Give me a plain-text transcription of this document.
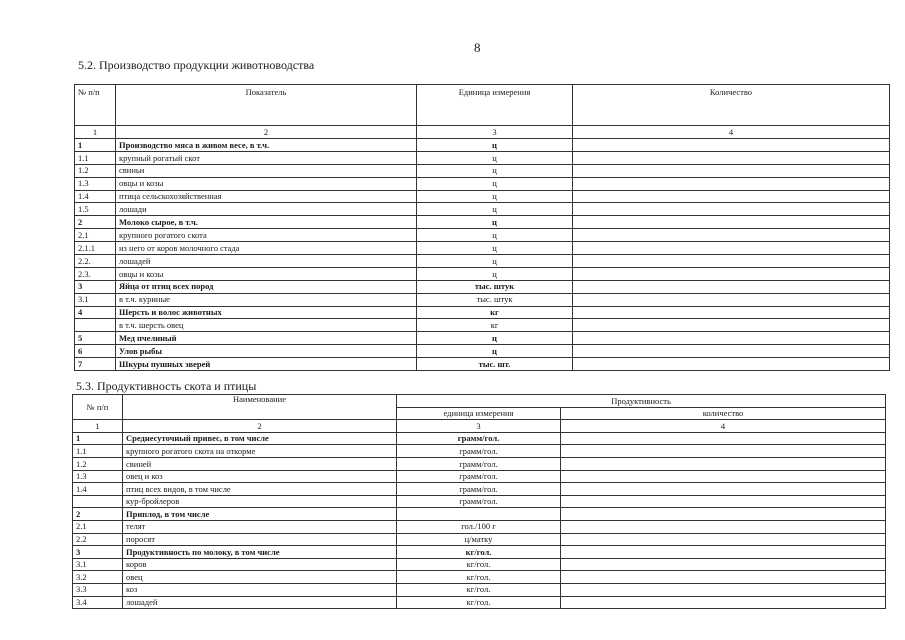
8
5.2. Производство продукции животноводства
№ п/п	Показатель	Единица измерения	Количество
1	2	3	4
1	Производство мяса в живом весе, в т.ч.	ц	
1.1	крупный рогатый скот	ц	
1.2	свиньи	ц	
1.3	овцы и козы	ц	
1.4	птица сельскохозяйственная	ц	
1.5	лошади	ц	
2	Молоко сырое, в т.ч.	ц	
2.1	крупного рогатого скота	ц	
2.1.1	из него от коров молочного стада	ц	
2.2.	лошадей	ц	
2.3.	овцы и козы	ц	
3	Яйца от птиц всех пород	тыс. штук	
3.1	в т.ч. куриные	тыс. штук	
4	Шерсть и волос животных	кг	
	в т.ч. шерсть овец	кг	
5	Мед пчелиный	ц	
6	Улов рыбы	ц	
7	Шкуры пушных зверей	тыс. шт.	
5.3. Продуктивность скота и птицы
№ п/п	Наименование	Продуктивность	
		единица измерения	количество
1	2	3	4
1	Среднесуточный привес, в том числе	грамм/гол.	
1.1	крупного рогатого скота на откорме	грамм/гол.	
1.2	свиней	грамм/гол.	
1.3	овец и коз	грамм/гол.	
1.4	птиц всех видов, в том числе	грамм/гол.	
	кур-бройлеров	грамм/гол.	
2	Приплод, в том числе		
2.1	телят	гол./100 г	
2.2	поросят	ц/матку	
3	Продуктивность по молоку, в том числе	кг/гол.	
3.1	коров	кг/гол.	
3.2	овец	кг/гол.	
3.3	коз	кг/гол.	
3.4	лошадей	кг/гол.	
